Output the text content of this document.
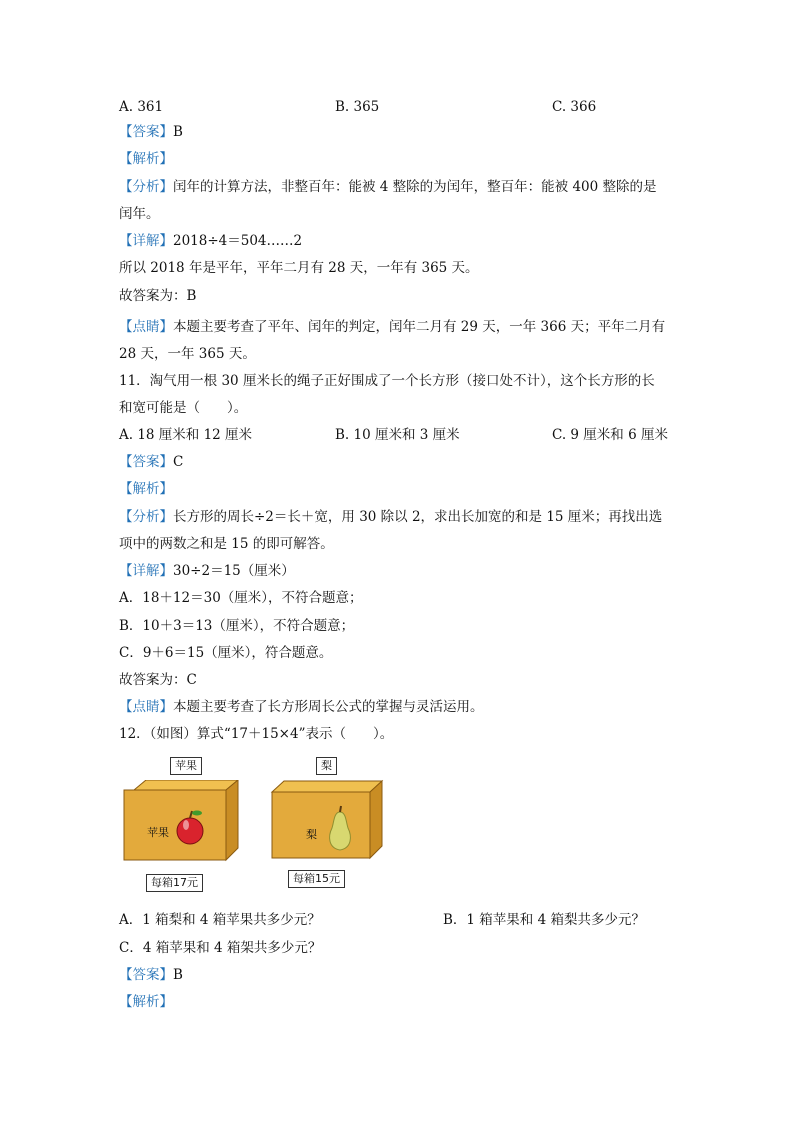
A. 361	B. 365	C. 366
【答案】B
【解析】
【分析】闰年的计算方法，非整百年：能被 4 整除的为闰年，整百年：能被 400 整除的是
闰年。
【详解】2018÷4＝504……2
所以 2018 年是平年，平年二月有 28 天，一年有 365 天。
故答案为：B
【点睛】本题主要考查了平年、闰年的判定，闰年二月有 29 天，一年 366 天；平年二月有
28 天，一年 365 天。
11．淘气用一根 30 厘米长的绳子正好围成了一个长方形（接口处不计），这个长方形的长
和宽可能是（　　）。
A. 18 厘米和 12 厘米	B. 10 厘米和 3 厘米	C. 9 厘米和 6 厘米
【答案】C
【解析】
【分析】长方形的周长÷2＝长＋宽，用 30 除以 2，求出长加宽的和是 15 厘米；再找出选
项中的两数之和是 15 的即可解答。
【详解】30÷2＝15（厘米）
A．18＋12＝30（厘米），不符合题意；
B．10＋3＝13（厘米），不符合题意；
C．9＋6＝15（厘米），符合题意。
故答案为：C
【点睛】本题主要考查了长方形周长公式的掌握与灵活运用。
12．（如图）算式“17＋15×4”表示（　　）。
苹果
苹果
每箱17元
梨
梨
每箱15元
A．1 箱梨和 4 箱苹果共多少元？	B．1 箱苹果和 4 箱梨共多少元？
C．4 箱苹果和 4 箱架共多少元？
【答案】B
【解析】
